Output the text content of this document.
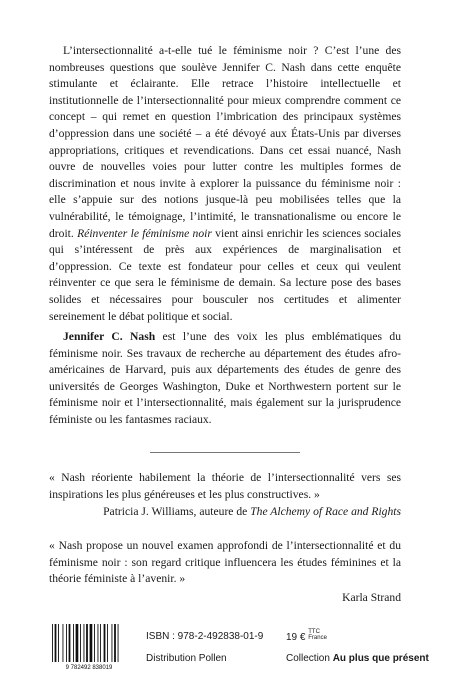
L’intersectionnalité a-t-elle tué le féminisme noir ? C’est l’une des nombreuses questions que soulève Jennifer C. Nash dans cette enquête stimulante et éclairante. Elle retrace l’histoire intellectuelle et institutionnelle de l’intersectionnalité pour mieux comprendre comment ce concept – qui remet en question l’imbrication des principaux systèmes d’oppression dans une société – a été dévoyé aux États-Unis par diverses appropriations, critiques et revendications. Dans cet essai nuancé, Nash ouvre de nouvelles voies pour lutter contre les multiples formes de discrimination et nous invite à explorer la puissance du féminisme noir : elle s’appuie sur des notions jusque-là peu mobilisées telles que la vulnérabilité, le témoignage, l’intimité, le transnationalisme ou encore le droit. Réinventer le féminisme noir vient ainsi enrichir les sciences sociales qui s’intéressent de près aux expériences de marginalisation et d’oppression. Ce texte est fondateur pour celles et ceux qui veulent réinventer ce que sera le féminisme de demain. Sa lecture pose des bases solides et nécessaires pour bousculer nos certitudes et alimenter sereinement le débat politique et social.
Jennifer C. Nash est l’une des voix les plus emblématiques du féminisme noir. Ses travaux de recherche au département des études afro-américaines de Harvard, puis aux départements des études de genre des universités de Georges Washington, Duke et Northwestern portent sur le féminisme noir et l’intersectionnalité, mais également sur la jurisprudence féministe ou les fantasmes raciaux.
« Nash réoriente habilement la théorie de l’intersectionnalité vers ses inspirations les plus généreuses et les plus constructives. »
Patricia J. Williams, auteure de The Alchemy of Race and Rights
« Nash propose un nouvel examen approfondi de l’intersectionnalité et du féminisme noir : son regard critique influencera les études féminines et la théorie féministe à l’avenir. »
Karla Strand
9 782492 838019
ISBN : 978-2-492838-01-9
Distribution Pollen
19 € TTC
France
Collection Au plus que présent
